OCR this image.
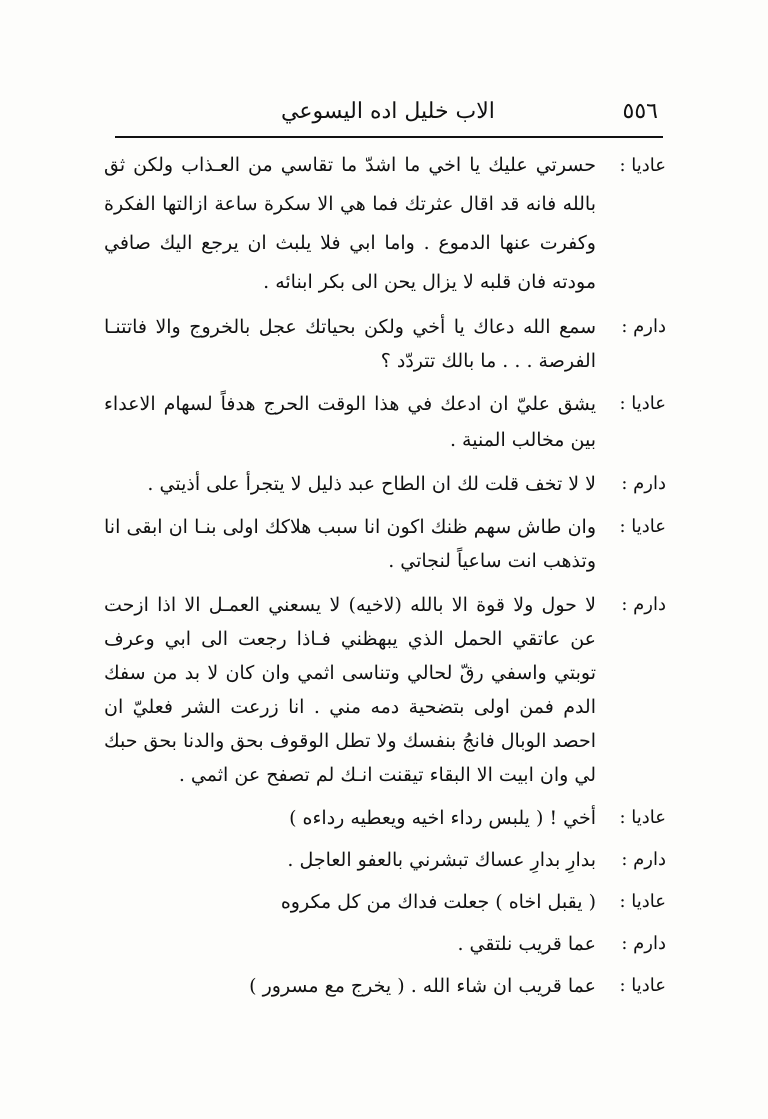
٥٥٦
الاب خليل اده اليسوعي
عاديا :
حسرتي عليك يا اخي ما اشدّ ما تقاسي من العـذاب ولكن ثق بالله فانه قد اقال عثرتك فما هي الا سكرة ساعة ازالتها الفكرة وكفرت عنها الدموع . واما ابي فلا يلبث ان يرجع اليك صافي مودته فان قلبه لا يزال يحن الى بكر ابنائه .
دارم :
سمع الله دعاك يا أخي ولكن بحياتك عجل بالخروج والا فاتتنـا الفرصة . . . ما بالك تتردّد ؟
عاديا :
يشق عليّ ان ادعك في هذا الوقت الحرج هدفاً لسهام الاعداء بين مخالب المنية .
دارم :
لا لا تخف قلت لك ان الطاح عبد ذليل لا يتجرأ على أذيتي .
عاديا :
وان طاش سهم ظنك اكون انا سبب هلاكك اولى بنـا ان ابقى انا وتذهب انت ساعياً لنجاتي .
دارم :
لا حول ولا قوة الا بالله (لاخيه) لا يسعني العمـل الا اذا ازحت عن عاتقي الحمل الذي يبهظني فـاذا رجعت الى ابي وعرف توبتي واسفي رقّ لحالي وتناسى اثمي وان كان لا بد من سفك الدم فمن اولى بتضحية دمه مني . انا زرعت الشر فعليّ ان احصد الوبال فانجُ بنفسك ولا تطل الوقوف بحق والدنا بحق حبك لي وان ابيت الا البقاء تيقنت انـك لم تصفح عن اثمي .
عاديا :
أخي ! ( يلبس رداء اخيه ويعطيه رداءه )
دارم :
بدارِ بدارِ عساك تبشرني بالعفو العاجل .
عاديا :
( يقبل اخاه ) جعلت فداك من كل مكروه
دارم :
عما قريب نلتقي .
عاديا :
عما قريب ان شاء الله . ( يخرج مع مسرور )
